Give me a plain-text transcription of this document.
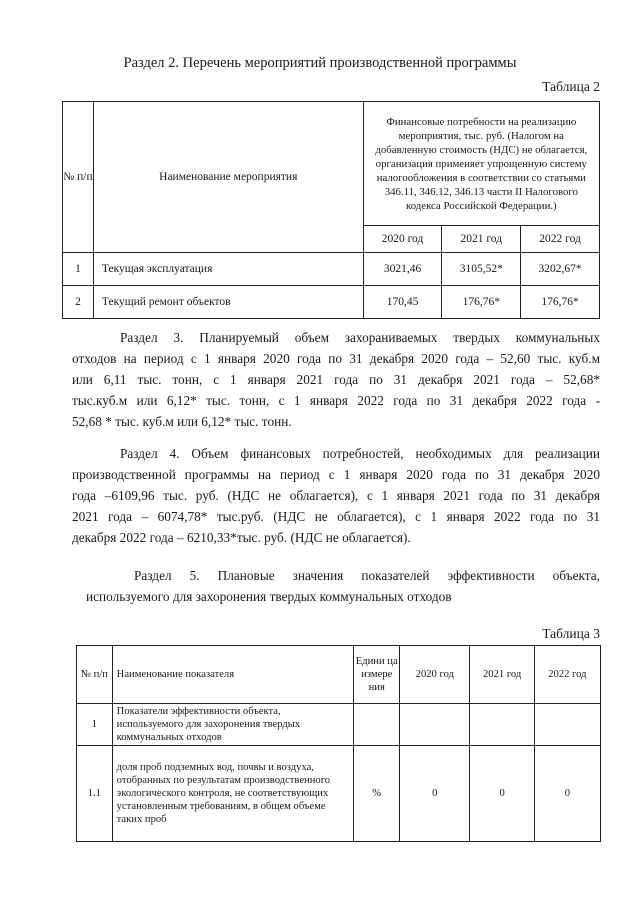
Раздел 2. Перечень мероприятий производственной программы
Таблица 2
№ п/п	Наименование мероприятия	Финансовые потребности на реализацию мероприятия, тыс. руб. (Налогом на добавленную стоимость (НДС) не облагается, организация применяет упрощенную систему налогообложения в соответствии со статьями 346.11, 346.12, 346.13 части II Налогового кодекса Российской Федерации.)		
		2020 год	2021 год	2022 год
1	Текущая эксплуатация	3021,46	3105,52*	3202,67*
2	Текущий ремонт объектов	170,45	176,76*	176,76*
Раздел 3. Планируемый объем захораниваемых твердых коммунальных
отходов на период с 1 января 2020 года по 31 декабря 2020 года – 52,60 тыс. куб.м
или 6,11 тыс. тонн, с 1 января 2021 года по 31 декабря 2021 года – 52,68*
тыс.куб.м или 6,12* тыс. тонн, с 1 января 2022 года по 31 декабря 2022 года -
52,68 * тыс. куб.м или 6,12* тыс. тонн.
Раздел 4. Объем финансовых потребностей, необходимых для реализации
производственной программы на период с 1 января 2020 года по 31 декабря 2020
года –6109,96 тыс. руб. (НДС не облагается), с 1 января 2021 года по 31 декабря
2021 года – 6074,78* тыс.руб. (НДС не облагается), с 1 января 2022 года по 31
декабря 2022 года – 6210,33*тыс. руб. (НДС не облагается).
Раздел 5. Плановые значения показателей эффективности объекта,
используемого для захоронения твердых коммунальных отходов
Таблица 3
№ п/п	Наименование показателя	Едини ца измере ния	2020 год	2021 год	2022 год
1	Показатели эффективности объекта, используемого для захоронения твердых коммунальных отходов				
1.1	доля проб подземных вод, почвы и воздуха, отобранных по результатам производственного экологического контроля, не соответствующих установленным требованиям, в общем объеме таких проб	%	0	0	0
